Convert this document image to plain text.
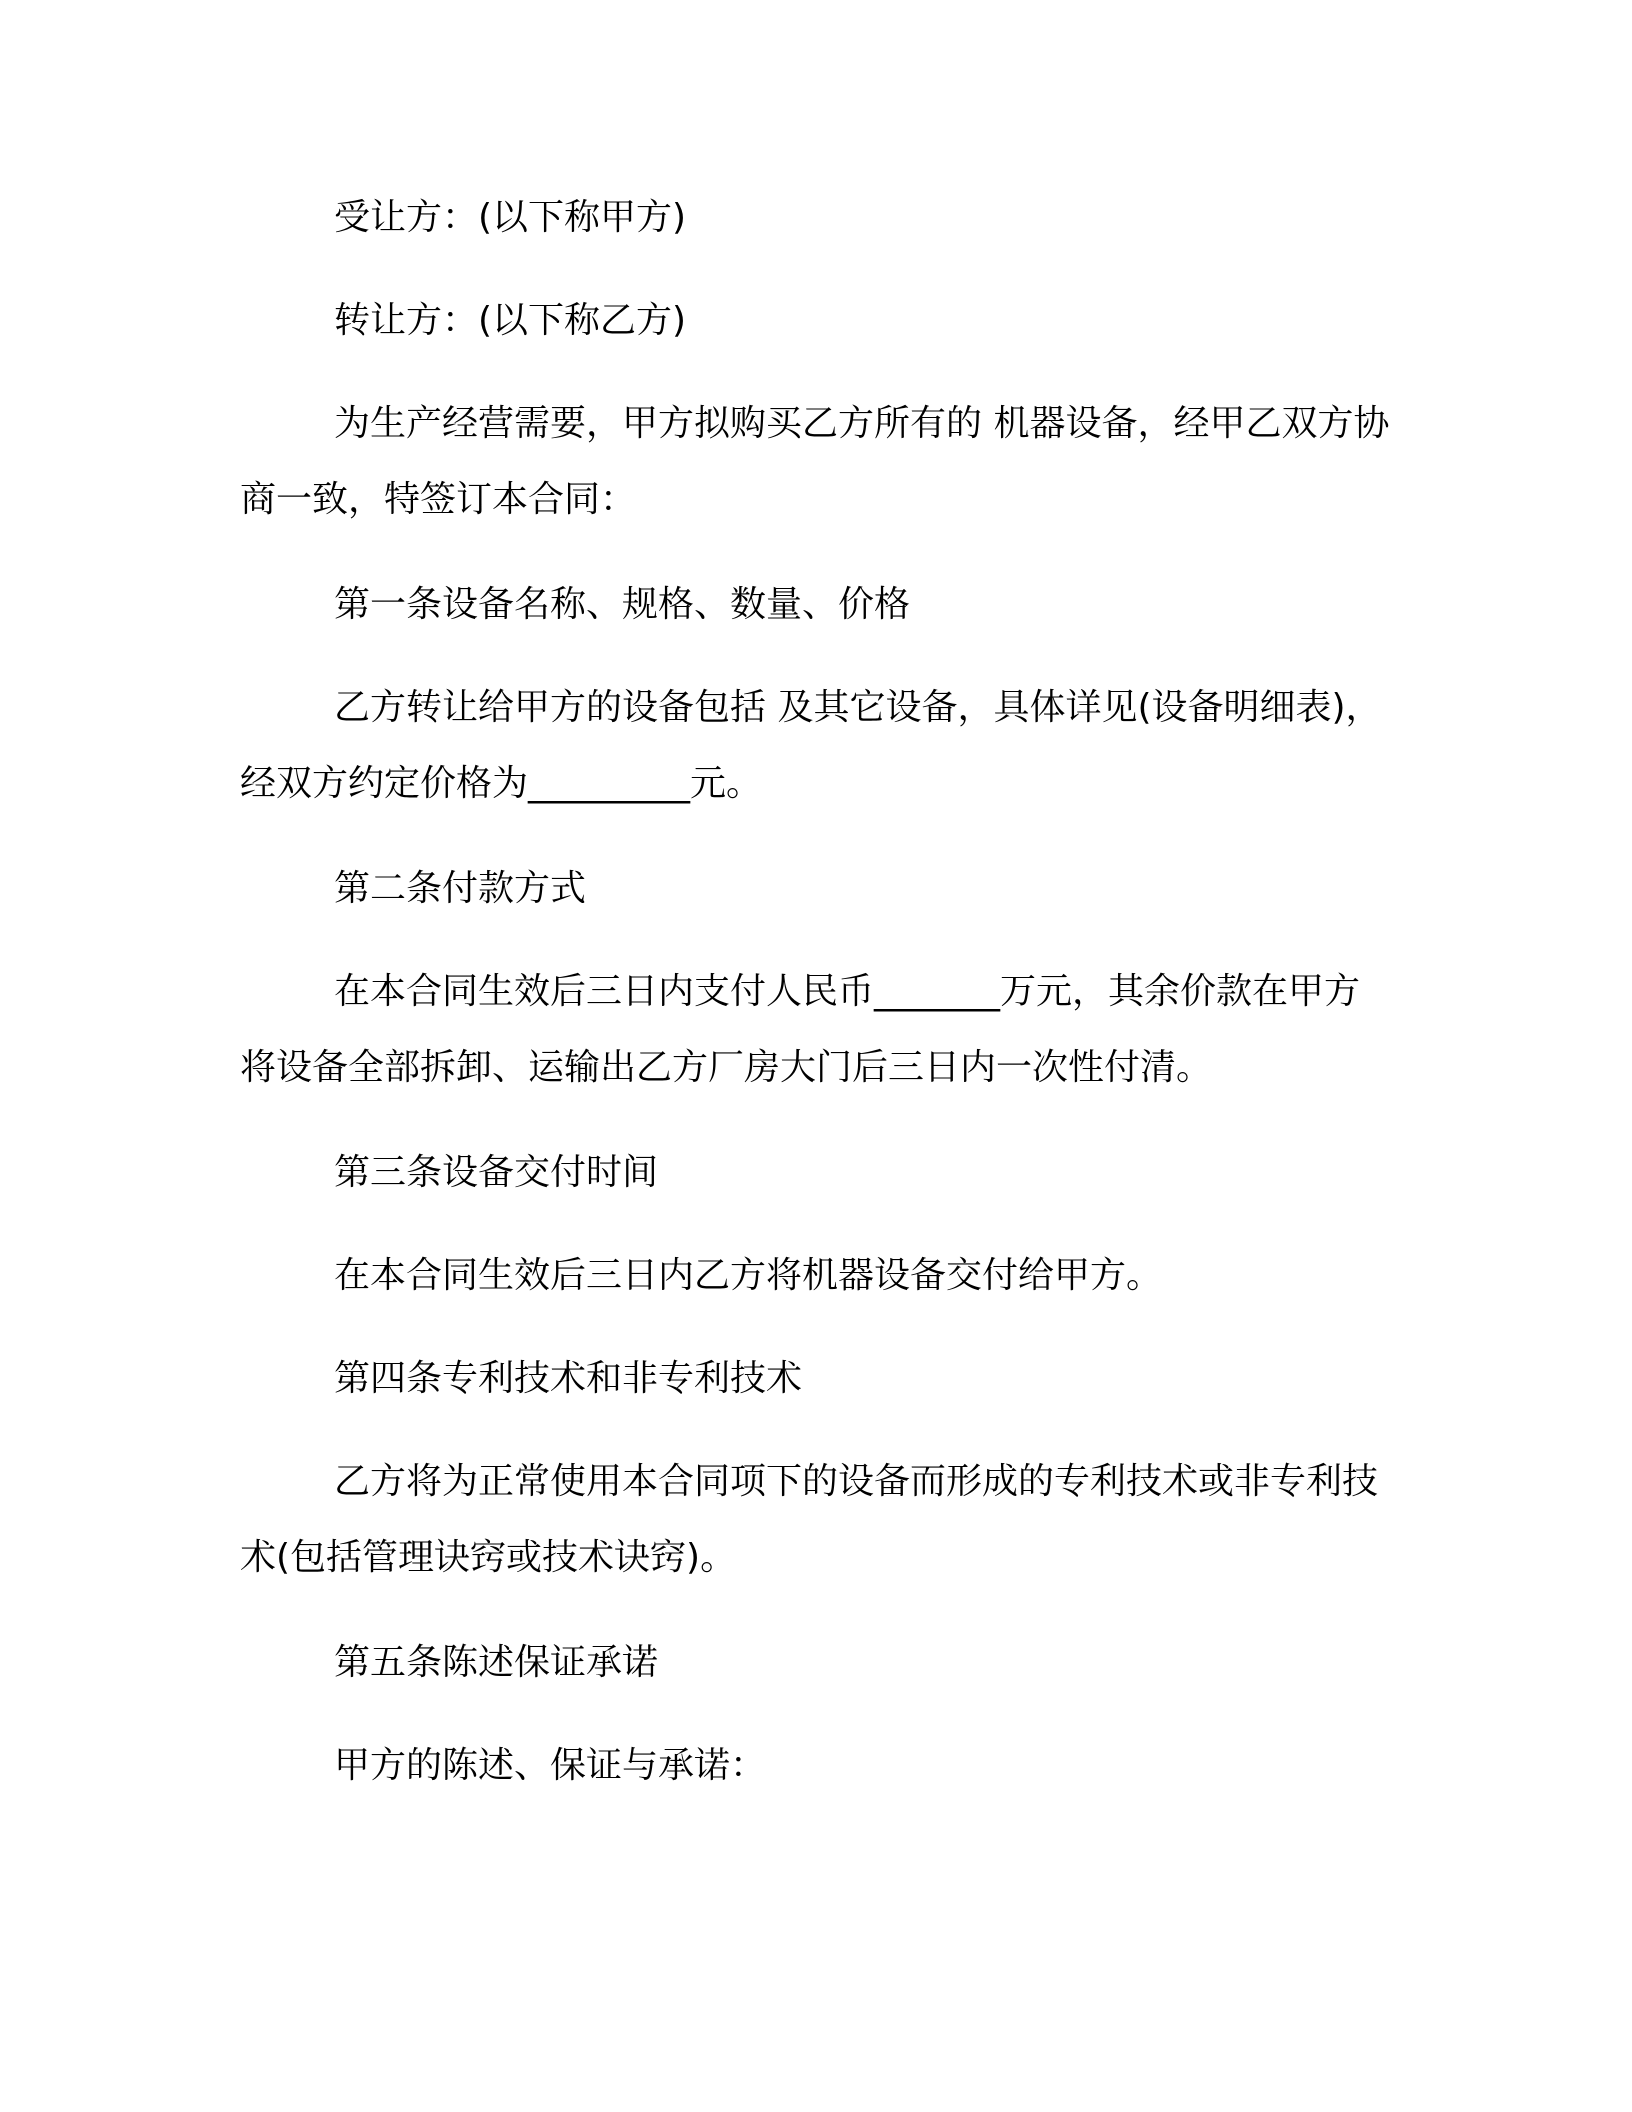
受让方：(以下称甲方)

转让方：(以下称乙方)

为生产经营需要，甲方拟购买乙方所有的 机器设备，经甲乙双方协商一致，特签订本合同：

第一条设备名称、规格、数量、价格

乙方转让给甲方的设备包括 及其它设备，具体详见(设备明细表)，经双方约定价格为_________元。

第二条付款方式

在本合同生效后三日内支付人民币_______万元，其余价款在甲方将设备全部拆卸、运输出乙方厂房大门后三日内一次性付清。

第三条设备交付时间

在本合同生效后三日内乙方将机器设备交付给甲方。

第四条专利技术和非专利技术

乙方将为正常使用本合同项下的设备而形成的专利技术或非专利技术(包括管理诀窍或技术诀窍)。

第五条陈述保证承诺

甲方的陈述、保证与承诺：
